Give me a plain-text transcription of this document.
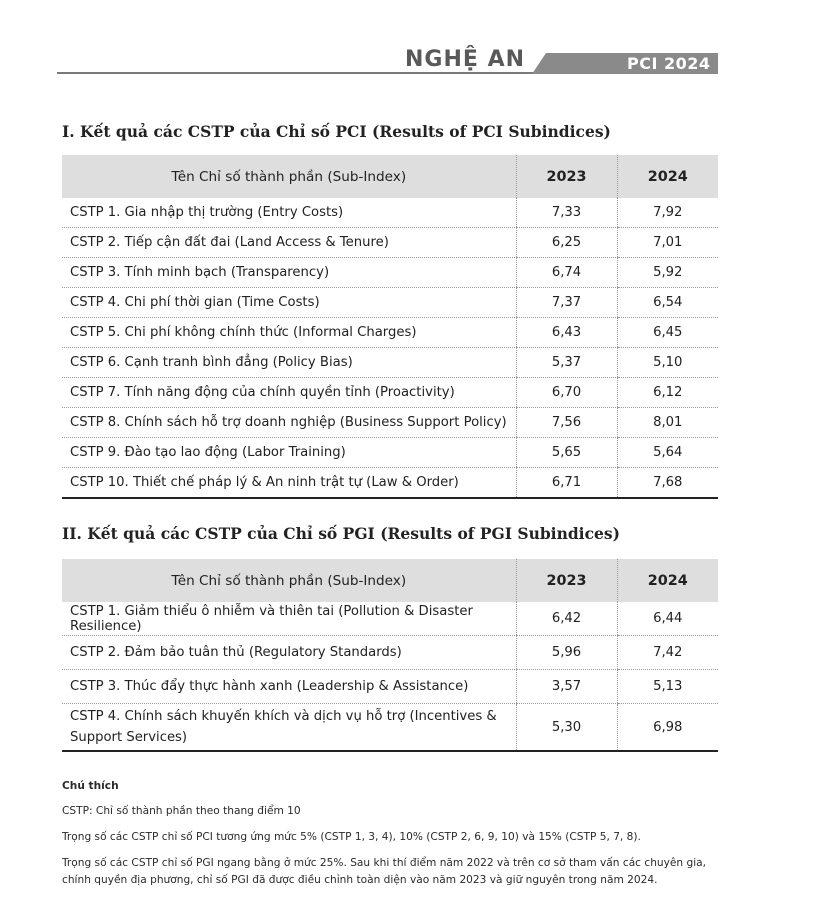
NGHỆ AN	PCI 2024
I. Kết quả các CSTP của Chỉ số PCI (Results of PCI Subindices)
Tên Chỉ số thành phần (Sub-Index)	2023	2024
CSTP 1. Gia nhập thị trường (Entry Costs)	7,33	7,92
CSTP 2. Tiếp cận đất đai (Land Access & Tenure)	6,25	7,01
CSTP 3. Tính minh bạch (Transparency)	6,74	5,92
CSTP 4. Chi phí thời gian (Time Costs)	7,37	6,54
CSTP 5. Chi phí không chính thức (Informal Charges)	6,43	6,45
CSTP 6. Cạnh tranh bình đẳng (Policy Bias)	5,37	5,10
CSTP 7. Tính năng động của chính quyền tỉnh (Proactivity)	6,70	6,12
CSTP 8. Chính sách hỗ trợ doanh nghiệp (Business Support Policy)	7,56	8,01
CSTP 9. Đào tạo lao động (Labor Training)	5,65	5,64
CSTP 10. Thiết chế pháp lý & An ninh trật tự (Law & Order)	6,71	7,68
II. Kết quả các CSTP của Chỉ số PGI (Results of PGI Subindices)
Tên Chỉ số thành phần (Sub-Index)	2023	2024
CSTP 1. Giảm thiểu ô nhiễm và thiên tai (Pollution & Disaster Resilience)	6,42	6,44
CSTP 2. Đảm bảo tuân thủ (Regulatory Standards)	5,96	7,42
CSTP 3. Thúc đẩy thực hành xanh (Leadership & Assistance)	3,57	5,13
CSTP 4. Chính sách khuyến khích và dịch vụ hỗ trợ (Incentives & Support Services)	5,30	6,98
Chú thích

CSTP: Chỉ số thành phần theo thang điểm 10

Trọng số các CSTP chỉ số PCI tương ứng mức 5% (CSTP 1, 3, 4), 10% (CSTP 2, 6, 9, 10) và 15% (CSTP 5, 7, 8).

Trọng số các CSTP chỉ số PGI ngang bằng ở mức 25%. Sau khi thí điểm năm 2022 và trên cơ sở tham vấn các chuyên gia, chính quyền địa phương, chỉ số PGI đã được điều chỉnh toàn diện vào năm 2023 và giữ nguyên trong năm 2024.
